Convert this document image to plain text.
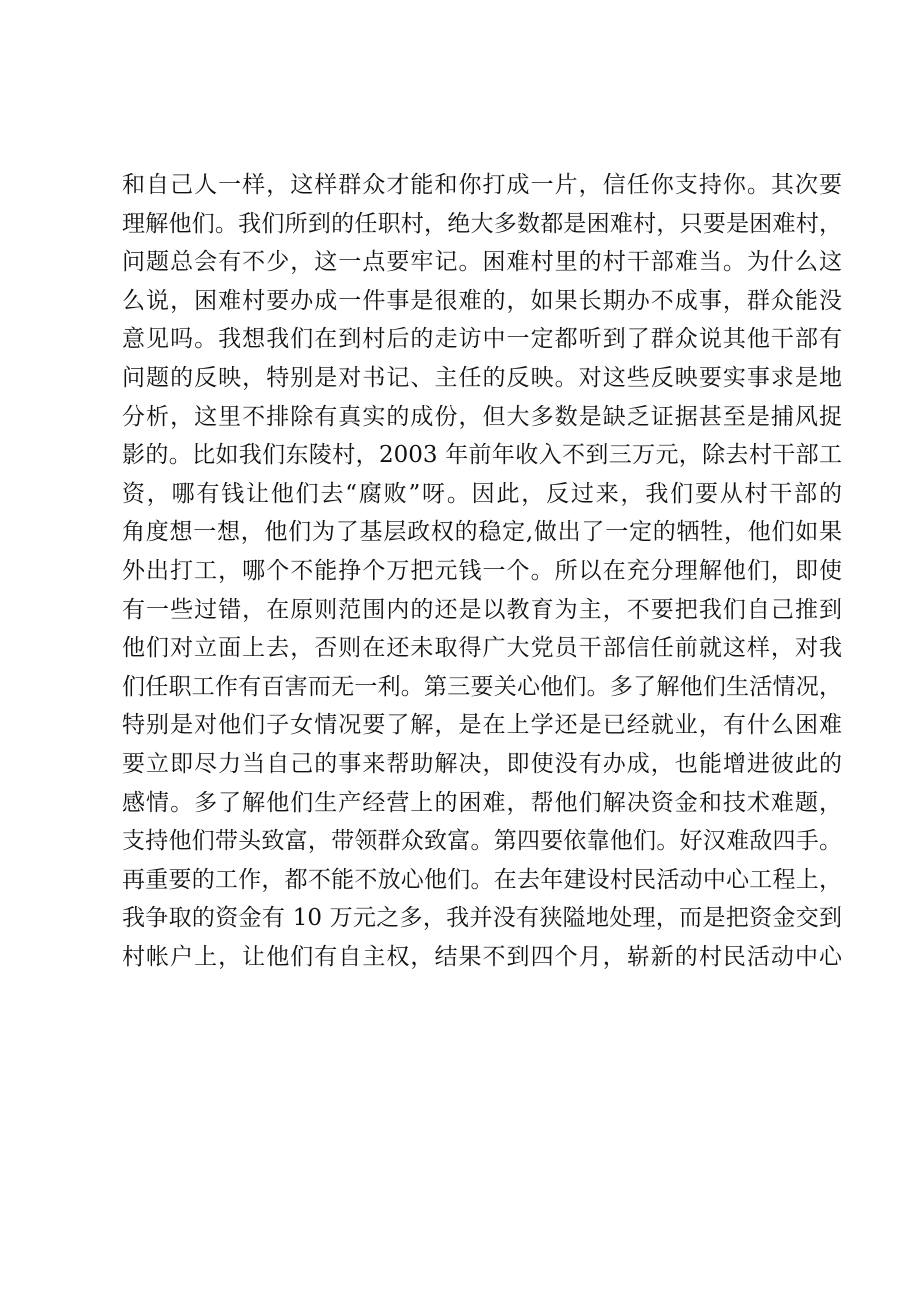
和自己人一样，这样群众才能和你打成一片，信任你支持你。其次要
理解他们。我们所到的任职村，绝大多数都是困难村，只要是困难村，
问题总会有不少，这一点要牢记。困难村里的村干部难当。为什么这
么说，困难村要办成一件事是很难的，如果长期办不成事，群众能没
意见吗。我想我们在到村后的走访中一定都听到了群众说其他干部有
问题的反映，特别是对书记、主任的反映。对这些反映要实事求是地
分析，这里不排除有真实的成份，但大多数是缺乏证据甚至是捕风捉
影的。比如我们东陵村，2003 年前年收入不到三万元，除去村干部工
资，哪有钱让他们去“腐败”呀。因此，反过来，我们要从村干部的
角度想一想，他们为了基层政权的稳定,做出了一定的牺牲，他们如果
外出打工，哪个不能挣个万把元钱一个。所以在充分理解他们，即使
有一些过错，在原则范围内的还是以教育为主，不要把我们自己推到
他们对立面上去，否则在还未取得广大党员干部信任前就这样，对我
们任职工作有百害而无一利。第三要关心他们。多了解他们生活情况，
特别是对他们子女情况要了解，是在上学还是已经就业，有什么困难
要立即尽力当自己的事来帮助解决，即使没有办成，也能增进彼此的
感情。多了解他们生产经营上的困难，帮他们解决资金和技术难题，
支持他们带头致富，带领群众致富。第四要依靠他们。好汉难敌四手。
再重要的工作，都不能不放心他们。在去年建设村民活动中心工程上，
我争取的资金有 10 万元之多，我并没有狭隘地处理，而是把资金交到
村帐户上，让他们有自主权，结果不到四个月，崭新的村民活动中心
